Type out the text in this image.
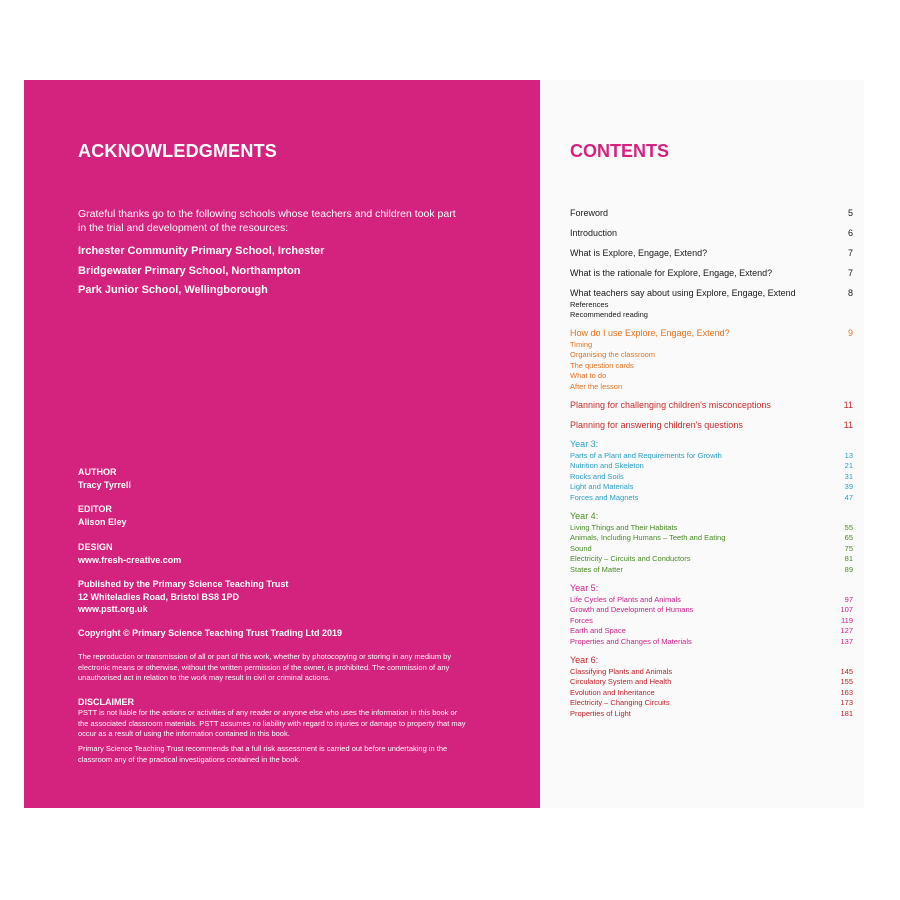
ACKNOWLEDGMENTS

Grateful thanks go to the following schools whose teachers and children took part in the trial and development of the resources:

Irchester Community Primary School, Irchester
Bridgewater Primary School, Northampton
Park Junior School, Wellingborough
AUTHOR
Tracy Tyrrell
EDITOR
Alison Eley
DESIGN
www.fresh-creative.com
Published by the Primary Science Teaching Trust
12 Whiteladies Road, Bristol BS8 1PD
www.pstt.org.uk
Copyright © Primary Science Teaching Trust Trading Ltd 2019

The reproduction or transmission of all or part of this work, whether by photocopying or storing in any medium by electronic means or otherwise, without the written permission of the owner, is prohibited. The commission of any unauthorised act in relation to the work may result in civil or criminal actions.

DISCLAIMER

PSTT is not liable for the actions or activities of any reader or anyone else who uses the information in this book or the associated classroom materials. PSTT assumes no liability with regard to injuries or damage to property that may occur as a result of using the information contained in this book.

Primary Science Teaching Trust recommends that a full risk assessment is carried out before undertaking in the classroom any of the practical investigations contained in the book.

CONTENTS
Foreword	5
Introduction	6
What is Explore, Engage, Extend?	7
What is the rationale for Explore, Engage, Extend?	7
What teachers say about using Explore, Engage, Extend	8
References
Recommended reading
How do I use Explore, Engage, Extend?	9
Timing
Organising the classroom
The question cards
What to do
After the lesson
Planning for challenging children's misconceptions	11
Planning for answering children's questions	11
Year 3:
Parts of a Plant and Requirements for Growth	13
Nutrition and Skeleton	21
Rocks and Soils	31
Light and Materials	39
Forces and Magnets	47
Year 4:
Living Things and Their Habitats	55
Animals, Including Humans – Teeth and Eating	65
Sound	75
Electricity – Circuits and Conductors	81
States of Matter	89
Year 5:
Life Cycles of Plants and Animals	97
Growth and Development of Humans	107
Forces	119
Earth and Space	127
Properties and Changes of Materials	137
Year 6:
Classifying Plants and Animals	145
Circulatory System and Health	155
Evolution and Inheritance	163
Electricity – Changing Circuits	173
Properties of Light	181
